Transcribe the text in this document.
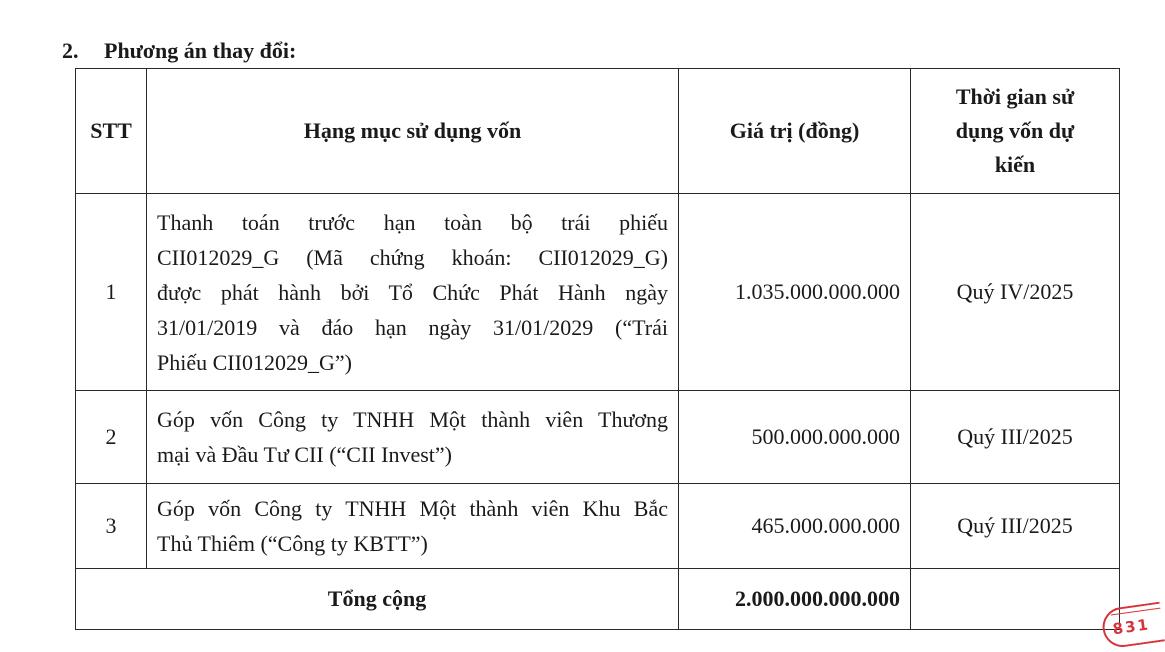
2. Phương án thay đổi:
STT	Hạng mục sử dụng vốn	Giá trị (đồng)	Thời gian sử
dụng vốn dự
kiến
1	Thanh toán trước hạn toàn bộ trái phiếu
CII012029_G (Mã chứng khoán: CII012029_G)
được phát hành bởi Tổ Chức Phát Hành ngày
31/01/2019 và đáo hạn ngày 31/01/2029 (“Trái
Phiếu CII012029_G”)	1.035.000.000.000	Quý IV/2025
2	Góp vốn Công ty TNHH Một thành viên Thương
mại và Đầu Tư CII (“CII Invest”)	500.000.000.000	Quý III/2025
3	Góp vốn Công ty TNHH Một thành viên Khu Bắc
Thủ Thiêm (“Công ty KBTT”)	465.000.000.000	Quý III/2025
Tổng cộng		2.000.000.000.000	
831
